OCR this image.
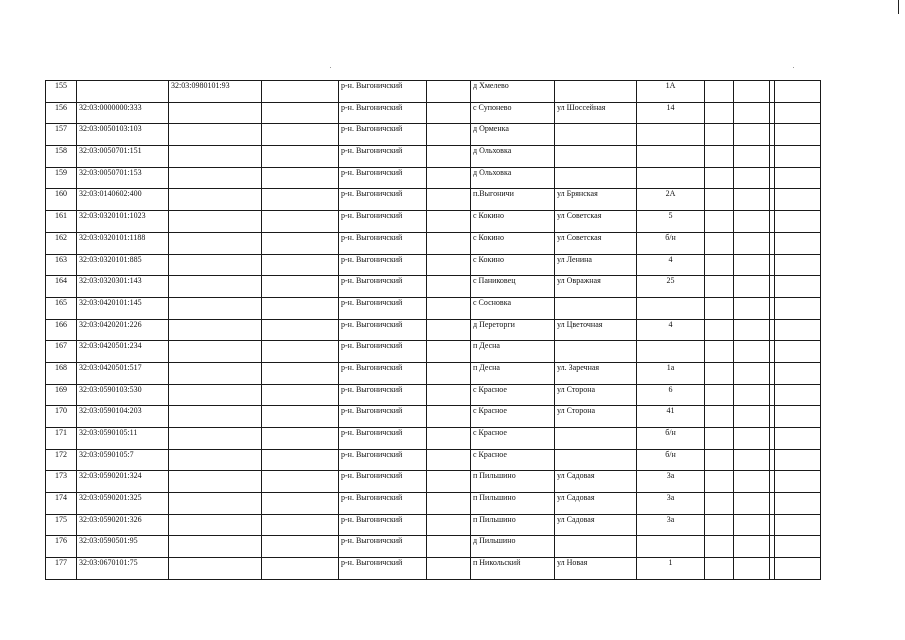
155		32:03:0980101:93		р-н. Выгоничский		д Хмелево		1А				
156	32:03:0000000:333			р-н. Выгоничский		с Супонево	ул Шоссейная	14				
157	32:03:0050103:103			р-н. Выгоничский		д Орменка						
158	32:03:0050701:151			р-н. Выгоничский		д Ольховка						
159	32:03:0050701:153			р-н. Выгоничский		д Ольховка						
160	32:03:0140602:400			р-н. Выгоничский		п.Выгоничи	ул Брянская	2А				
161	32:03:0320101:1023			р-н. Выгоничский		с Кокино	ул Советская	5				
162	32:03:0320101:1188			р-н. Выгоничский		с Кокино	ул Советская	б/н				
163	32:03:0320101:885			р-н. Выгоничский		с Кокино	ул Ленина	4				
164	32:03:0320301:143			р-н. Выгоничский		с Паниковец	ул Овражная	25				
165	32:03:0420101:145			р-н. Выгоничский		с Сосновка						
166	32:03:0420201:226			р-н. Выгоничский		д Переторги	ул Цветочная	4				
167	32:03:0420501:234			р-н. Выгоничский		п Десна						
168	32:03:0420501:517			р-н. Выгоничский		п Десна	ул. Заречная	1а				
169	32:03:0590103:530			р-н. Выгоничский		с Красное	ул Сторона	6				
170	32:03:0590104:203			р-н. Выгоничский		с Красное	ул Сторона	41				
171	32:03:0590105:11			р-н. Выгоничский		с Красное		б/н				
172	32:03:0590105:7			р-н. Выгоничский		с Красное		б/н				
173	32:03:0590201:324			р-н. Выгоничский		п Пильшино	ул Садовая	3а				
174	32:03:0590201:325			р-н. Выгоничский		п Пильшино	ул Садовая	3а				
175	32:03:0590201:326			р-н. Выгоничский		п Пильшино	ул Садовая	3а				
176	32:03:0590501:95			р-н. Выгоничский		д Пильшино						
177	32:03:0670101:75			р-н. Выгоничский		п Никольский	ул Новая	1				
